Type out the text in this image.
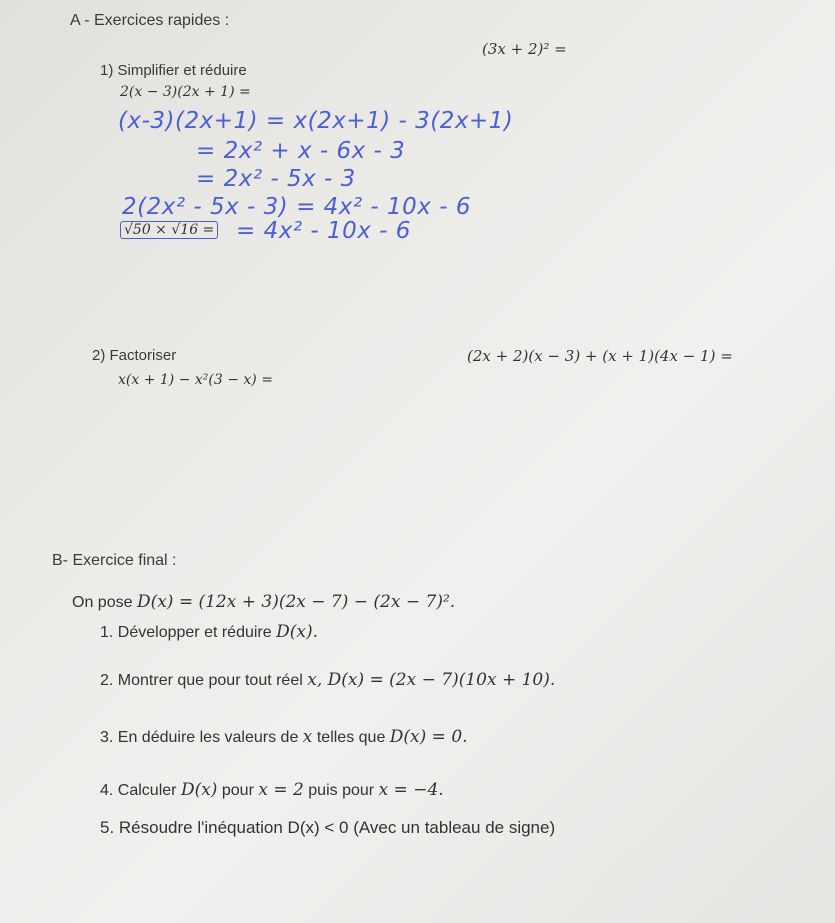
A - Exercices rapides :
1) Simplifier et réduire
(3x + 2)² =
2(x − 3)(2x + 1) =
(x-3)(2x+1) = x(2x+1) - 3(2x+1)
= 2x² + x - 6x - 3
= 2x² - 5x - 3
2(2x² - 5x - 3) = 4x² - 10x - 6
√50 × √16 = = 4x² - 10x - 6
2) Factoriser	(2x + 2)(x − 3) + (x + 1)(4x − 1) =
x(x + 1) − x²(3 − x) =
B- Exercice final :
On pose D(x) = (12x + 3)(2x − 7) − (2x − 7)².
1. Développer et réduire D(x).
2. Montrer que pour tout réel x, D(x) = (2x − 7)(10x + 10).
3. En déduire les valeurs de x telles que D(x) = 0.
4. Calculer D(x) pour x = 2 puis pour x = −4.
5. Résoudre l'inéquation D(x) < 0 (Avec un tableau de signe)
